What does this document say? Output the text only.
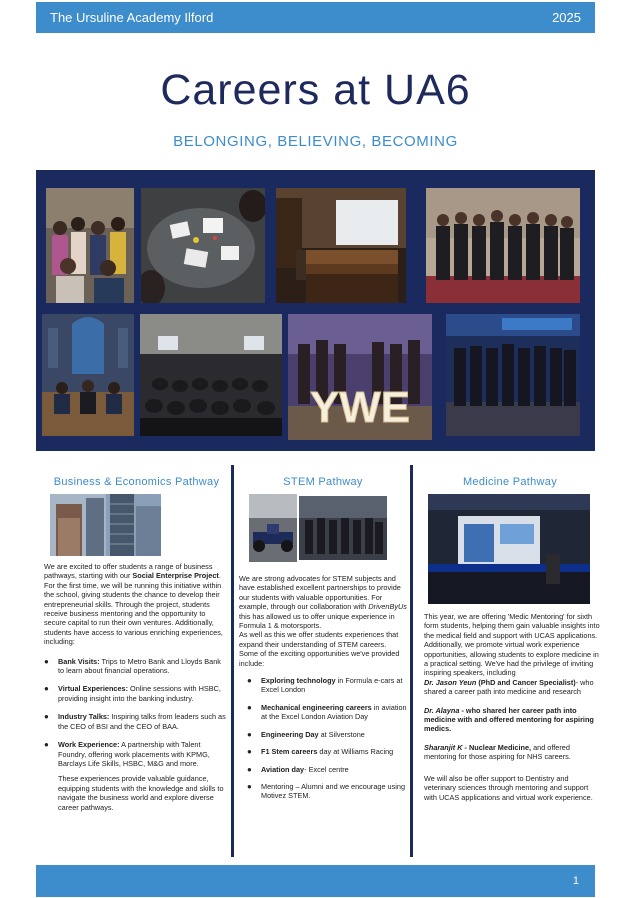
The Ursuline Academy Ilford	2025
Careers at UA6
BELONGING, BELIEVING, BECOMING
YWE
Business & Economics Pathway

We are excited to offer students a range of business pathways, starting with our Social Enterprise Project. For the first time, we will be running this initiative within the school, giving students the chance to develop their entrepreneurial skills. Through the project, students receive business mentoring and the opportunity to secure capital to run their own ventures. Additionally, students have access to various enriching experiences, including:

● Bank Visits: Trips to Metro Bank and Lloyds Bank to learn about financial operations.
● Virtual Experiences: Online sessions with HSBC, providing insight into the banking industry.
● Industry Talks: Inspiring talks from leaders such as the CEO of BSI and the CEO of BAA.
● Work Experience: A partnership with Talent Foundry, offering work placements with KPMG, Barclays Life Skills, HSBC, M&G and more.

These experiences provide valuable guidance, equipping students with the knowledge and skills to navigate the business world and explore diverse career pathways.

STEM Pathway

We are strong advocates for STEM subjects and have established excellent partnerships to provide our students with valuable opportunities. For example, through our collaboration with DrivenByUs this has allowed us to offer unique experience in Formula 1 & motorsports.

As well as this we offer students experiences that expand their understanding of STEM careers. Some of the exciting opportunities we've provided include:

● Exploring technology in Formula e-cars at Excel London
● Mechanical engineering careers in aviation at the Excel London Aviation Day
● Engineering Day at Silverstone
● F1 Stem careers day at Williams Racing
● Aviation day- Excel centre
● Mentoring – Alumni and we encourage using Motivez STEM.
Medicine Pathway

This year, we are offering 'Medic Mentoring' for sixth form students, helping them gain valuable insights into the medical field and support with UCAS applications. Additionally, we promote virtual work experience opportunities, allowing students to explore medicine in a practical setting. We've had the privilege of inviting inspiring speakers, including

Dr. Jason Yeun (PhD and Cancer Specialist)- who shared a career path into medicine and research

Dr. Alayna - who shared her career path into medicine with and offered mentoring for aspiring medics.

Sharanjit K - Nuclear Medicine, and offered mentoring for those aspiring for NHS careers.

We will also be offer support to Dentistry and veterinary sciences through mentoring and support with UCAS applications and virtual work experience.

1
